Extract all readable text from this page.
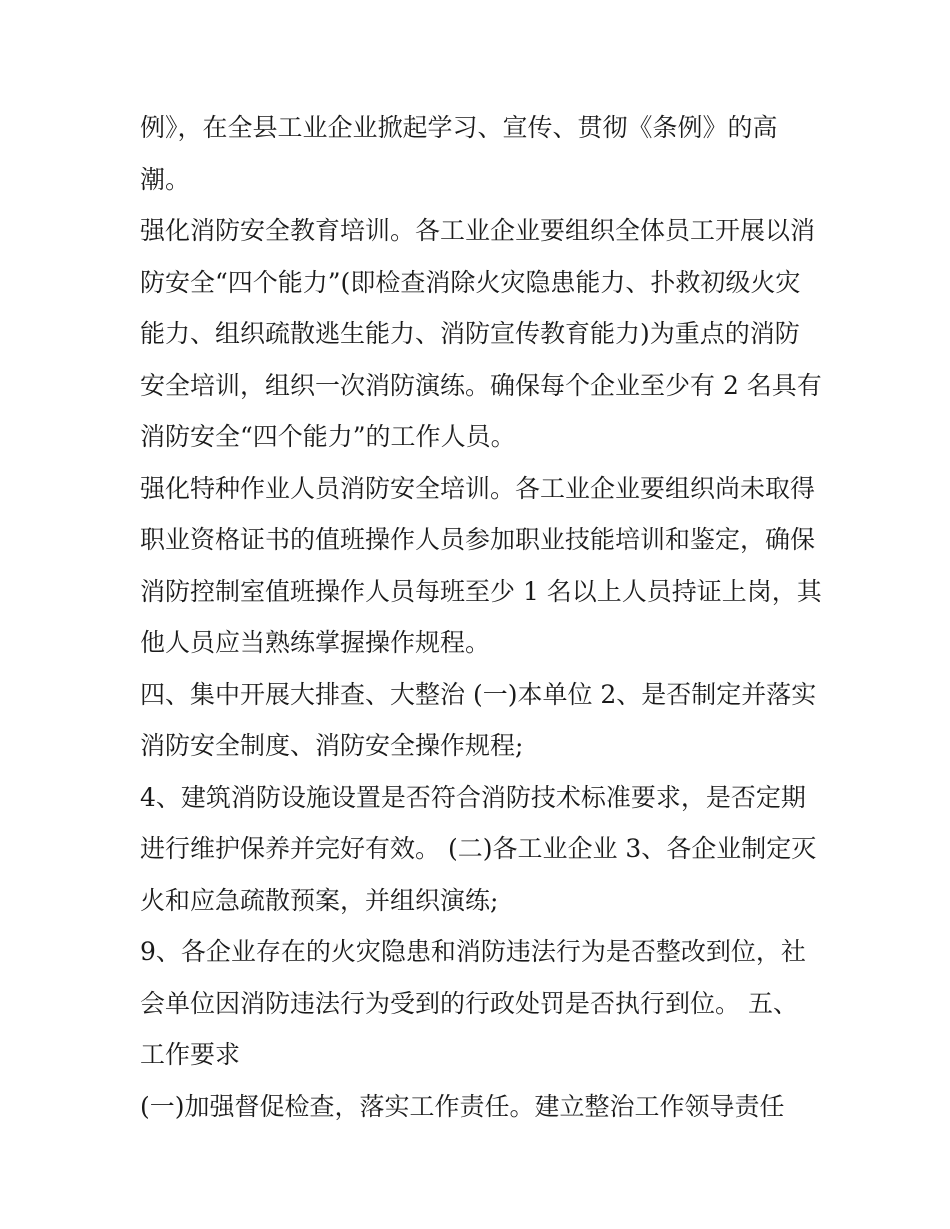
例》，在全县工业企业掀起学习、宣传、贯彻《条例》的高
潮。
强化消防安全教育培训。各工业企业要组织全体员工开展以消
防安全“四个能力”(即检查消除火灾隐患能力、扑救初级火灾
能力、组织疏散逃生能力、消防宣传教育能力)为重点的消防
安全培训，组织一次消防演练。确保每个企业至少有 2 名具有
消防安全“四个能力”的工作人员。
强化特种作业人员消防安全培训。各工业企业要组织尚未取得
职业资格证书的值班操作人员参加职业技能培训和鉴定，确保
消防控制室值班操作人员每班至少 1 名以上人员持证上岗，其
他人员应当熟练掌握操作规程。
四、集中开展大排查、大整治 (一)本单位 2、是否制定并落实
消防安全制度、消防安全操作规程;
4、建筑消防设施设置是否符合消防技术标准要求，是否定期
进行维护保养并完好有效。 (二)各工业企业 3、各企业制定灭
火和应急疏散预案，并组织演练;
9、各企业存在的火灾隐患和消防违法行为是否整改到位，社
会单位因消防违法行为受到的行政处罚是否执行到位。 五、
工作要求
(一)加强督促检查，落实工作责任。建立整治工作领导责任
